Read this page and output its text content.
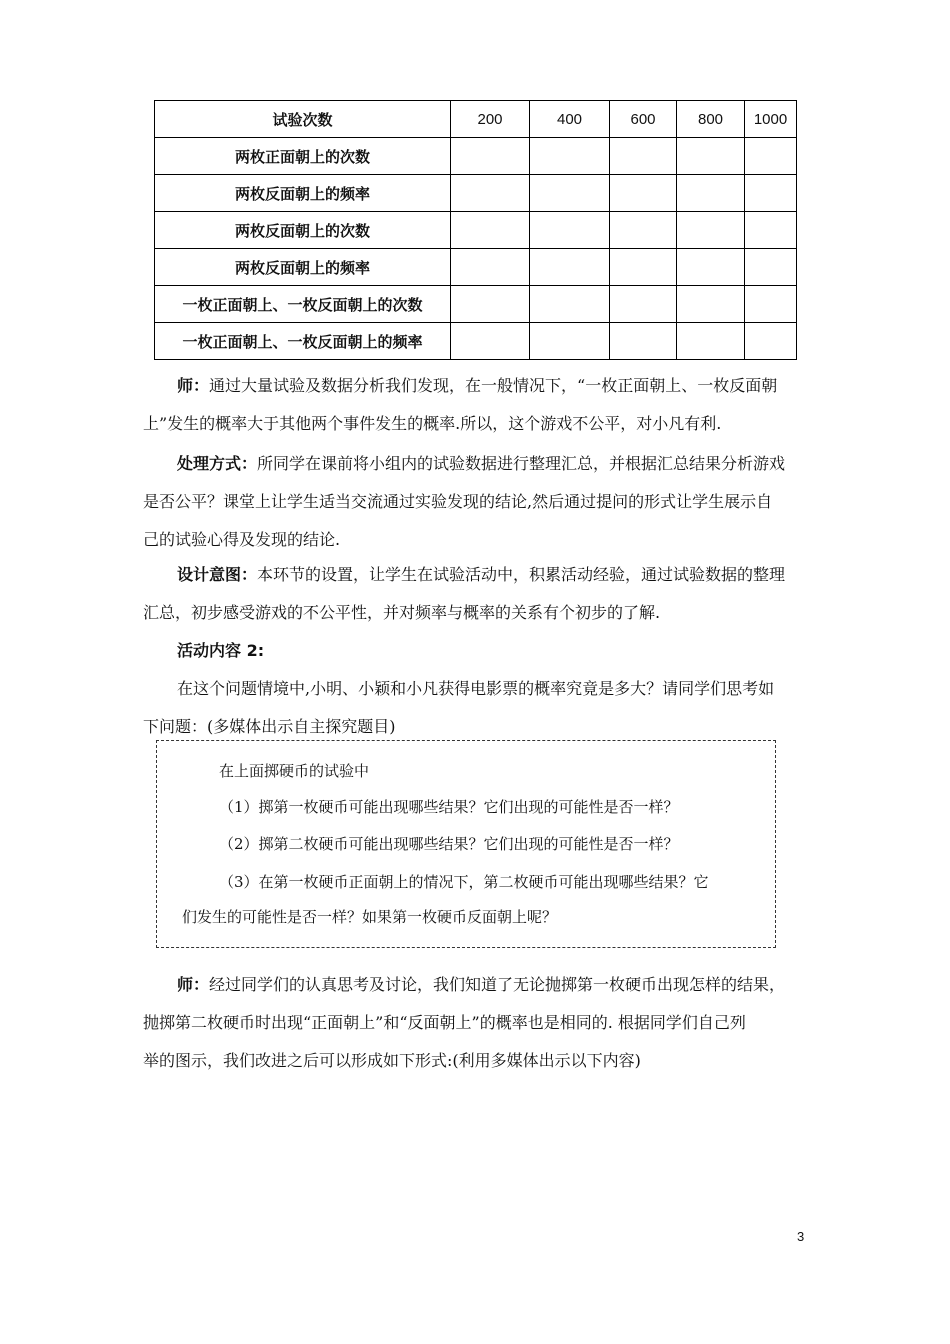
试验次数	200	400	600	800	1000
两枚正面朝上的次数					
两枚反面朝上的频率					
两枚反面朝上的次数					
两枚反面朝上的频率					
一枚正面朝上、一枚反面朝上的次数					
一枚正面朝上、一枚反面朝上的频率					
师：通过大量试验及数据分析我们发现，在一般情况下，“一枚正面朝上、一枚反面朝
上”发生的概率大于其他两个事件发生的概率.所以，这个游戏不公平，对小凡有利.
处理方式：所同学在课前将小组内的试验数据进行整理汇总，并根据汇总结果分析游戏
是否公平？课堂上让学生适当交流通过实验发现的结论,然后通过提问的形式让学生展示自
己的试验心得及发现的结论.
设计意图：本环节的设置，让学生在试验活动中，积累活动经验，通过试验数据的整理
汇总，初步感受游戏的不公平性，并对频率与概率的关系有个初步的了解.
活动内容 2:
在这个问题情境中,小明、小颖和小凡获得电影票的概率究竟是多大？请同学们思考如
下问题：(多媒体出示自主探究题目)
在上面掷硬币的试验中
（1）掷第一枚硬币可能出现哪些结果？它们出现的可能性是否一样？
（2）掷第二枚硬币可能出现哪些结果？它们出现的可能性是否一样？
（3）在第一枚硬币正面朝上的情况下，第二枚硬币可能出现哪些结果？它
们发生的可能性是否一样？如果第一枚硬币反面朝上呢？
师：经过同学们的认真思考及讨论，我们知道了无论抛掷第一枚硬币出现怎样的结果，
抛掷第二枚硬币时出现“正面朝上”和“反面朝上”的概率也是相同的. 根据同学们自己列
举的图示，我们改进之后可以形成如下形式:(利用多媒体出示以下内容)
3
